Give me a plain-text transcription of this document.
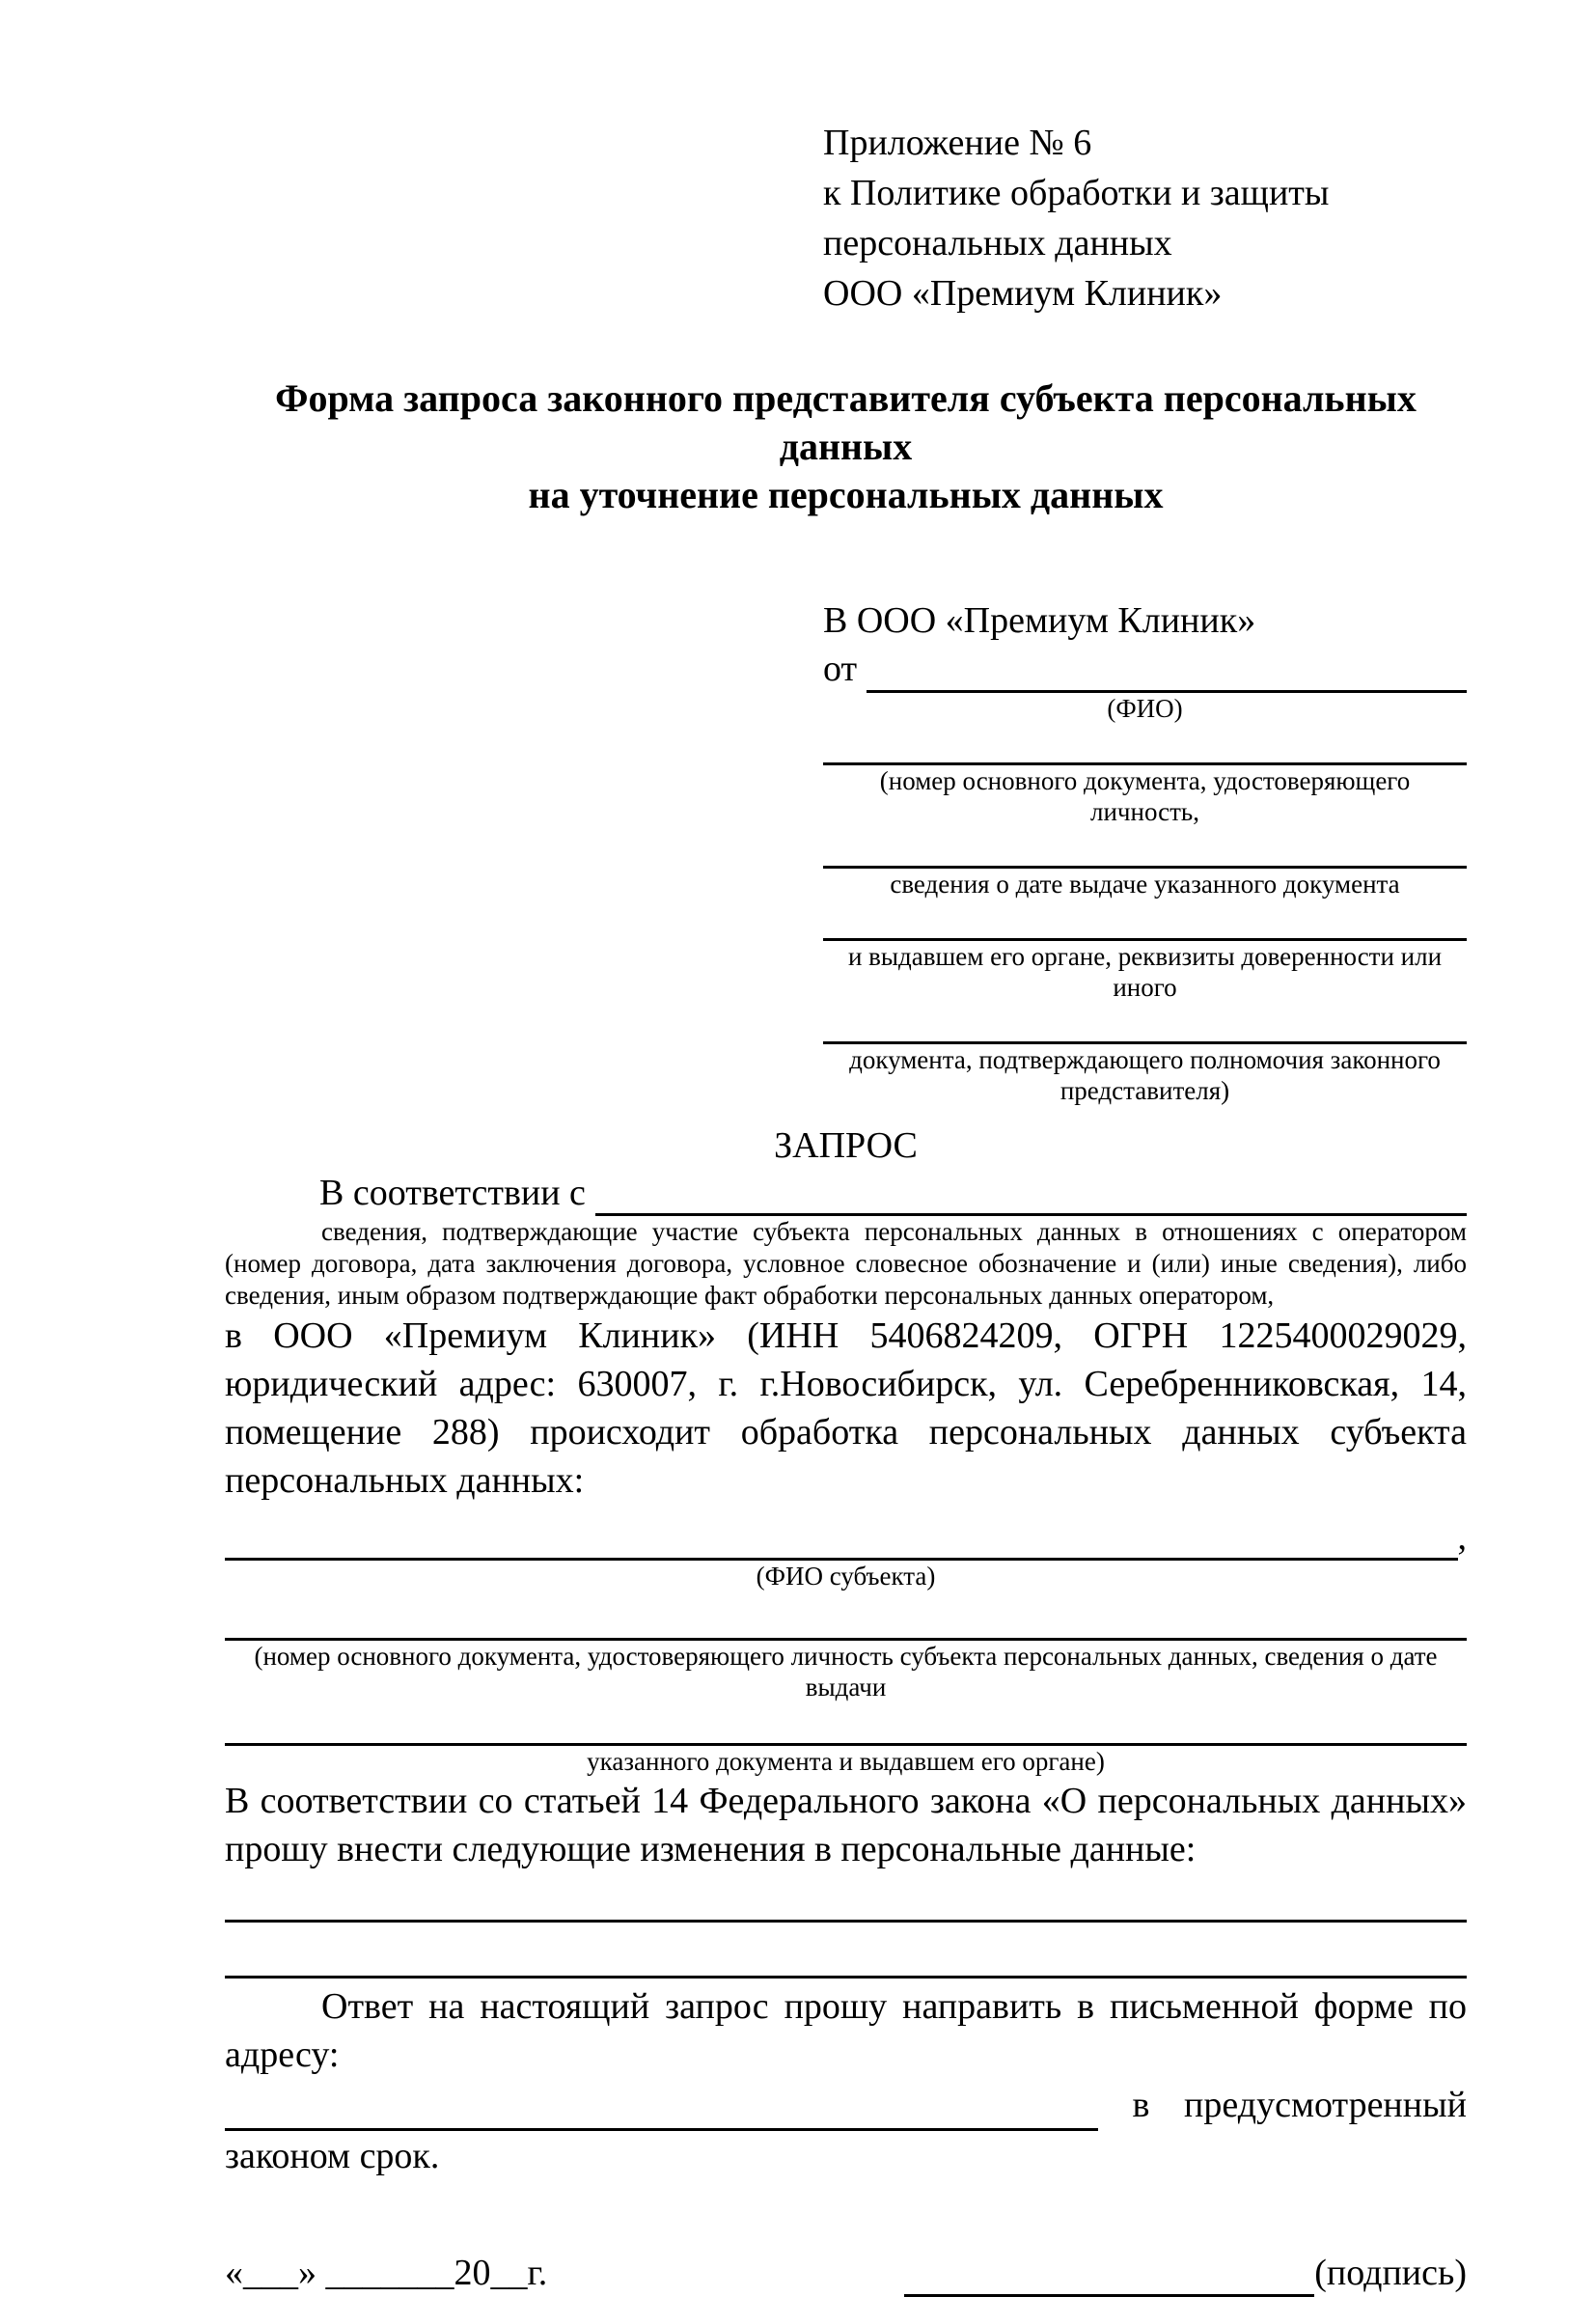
Приложение № 6
к Политике обработки и защиты
персональных данных
ООО «Премиум Клиник»
Форма запроса законного представителя субъекта персональных данных
на уточнение персональных данных
В ООО «Премиум Клиник»
от
(ФИО)
(номер основного документа, удостоверяющего личность,
сведения о дате выдаче указанного документа
и выдавшем его органе, реквизиты доверенности или иного
документа, подтверждающего полномочия законного представителя)
ЗАПРОС
В соответствии с
сведения, подтверждающие участие субъекта персональных данных в отношениях с оператором (номер договора, дата заключения договора, условное словесное обозначение и (или) иные сведения), либо сведения, иным образом подтверждающие факт обработки персональных данных оператором,
в ООО «Премиум Клиник» (ИНН 5406824209, ОГРН 1225400029029, юридический адрес: 630007, г. г.Новосибирск, ул. Серебренниковская, 14, помещение 288) происходит обработка персональных данных субъекта персональных данных:
,
(ФИО субъекта)
(номер основного документа, удостоверяющего личность субъекта персональных данных, сведения о дате выдачи
указанного документа и выдавшем его органе)
В соответствии со статьей 14 Федерального закона «О персональных данных» прошу внести следующие изменения в персональные данные:
Ответ на настоящий запрос прошу направить в письменной форме по адресу:
в предусмотренный
законом срок.
«___» _______20__г.	(подпись)
